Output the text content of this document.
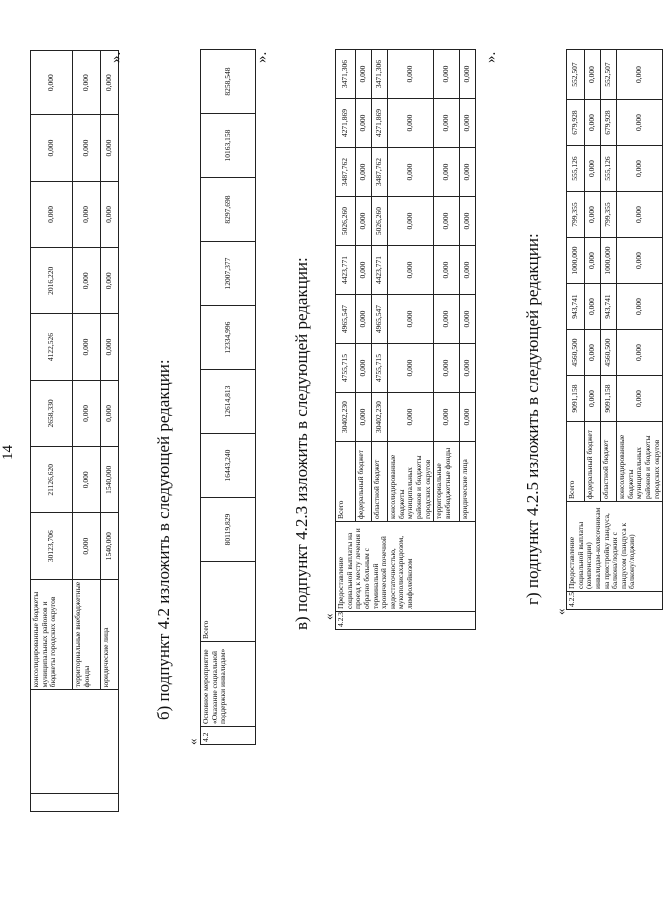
14
		консолидированные бюджеты муниципальных районов и бюджеты городских округов	30123,706	21126,620	2658,330	4122,526	2016,220	0,000	0,000	0,000
		территориальные внебюджетные фонды	0,000	0,000	0,000	0,000	0,000	0,000	0,000	0,000
		юридические лица	1540,000	1540,000	0,000	0,000	0,000	0,000	0,000	0,000
».
б) подпункт 4.2 изложить в следующей редакции:
« 4.2	Основное мероприятие «Оказание социальной поддержки инвалидам»	Всего	80119,829	16443,240	12614,813	12334,996	12007,377	8297,698	10163,158	8258,548
».
в) подпункт 4.2.3 изложить в следующей редакции: « 4.2.3	Предоставление социальной выплаты на проезд к месту лечения и обратно больным с терминальной хронической почечной недостаточностью, мукополисахаридозом, лимфолейкозом	Всего	30402,230	4755,715	4965,547	4423,771	5026,260	3487,762	4271,869	3471,306
		федеральный бюджет	0,000	0,000	0,000	0,000	0,000	0,000	0,000	0,000
		областной бюджет	30402,230	4755,715	4965,547	4423,771	5026,260	3487,762	4271,869	3471,306
		консолидированные бюджеты муниципальных районов и бюджеты городских округов	0,000	0,000	0,000	0,000	0,000	0,000	0,000	0,000
		территориальные внебюджетные фонды	0,000	0,000	0,000	0,000	0,000	0,000	0,000	0,000
		юридические лица	0,000	0,000	0,000	0,000	0,000	0,000	0,000	0,000
».
г) подпункт 4.2.5 изложить в следующей редакции:
«
4.2.5	Предоставление социальной выплаты (компенсации) инвалидам-колясочникам на пристройку пандуса, балкона/лоджии с пандусом (пандуса к балкону/лоджии)	Всего	9091,158	4560,500	943,741	1000,000	799,355	555,126	679,928	552,507
		федеральный бюджет	0,000	0,000	0,000	0,000	0,000	0,000	0,000	0,000
		областной бюджет	9091,158	4560,500	943,741	1000,000	799,355	555,126	679,928	552,507
		консолидированные бюджеты муниципальных районов и бюджеты городских округов	0,000	0,000	0,000	0,000	0,000	0,000	0,000	0,000
